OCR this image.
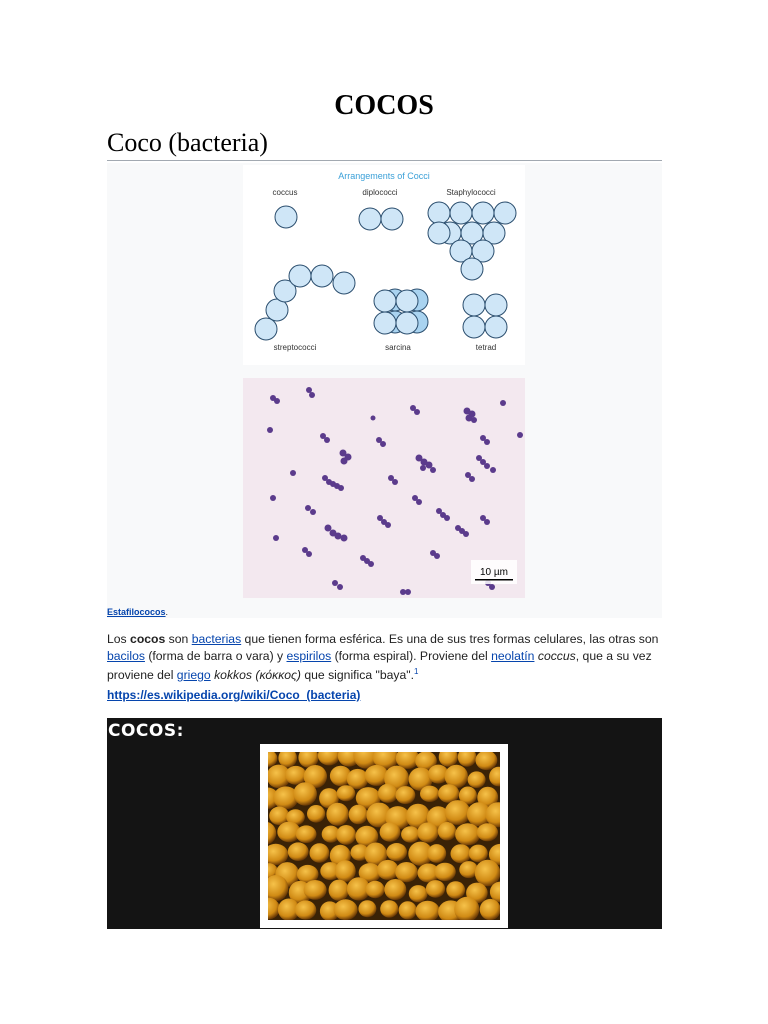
COCOS
Coco (bacteria)
Arrangements of Cocci
coccus	diplococci	Staphylococci
streptococci	sarcina	tetrad
10 µm
Estafilococos.
Los cocos son bacterias que tienen forma esférica. Es una de sus tres formas celulares, las otras son bacilos (forma de barra o vara) y espirilos (forma espiral). Proviene del neolatín coccus, que a su vez proviene del griego kokkos (κόκκος) que significa "baya".$^1$
https://es.wikipedia.org/wiki/Coco_(bacteria)
COCOS:
